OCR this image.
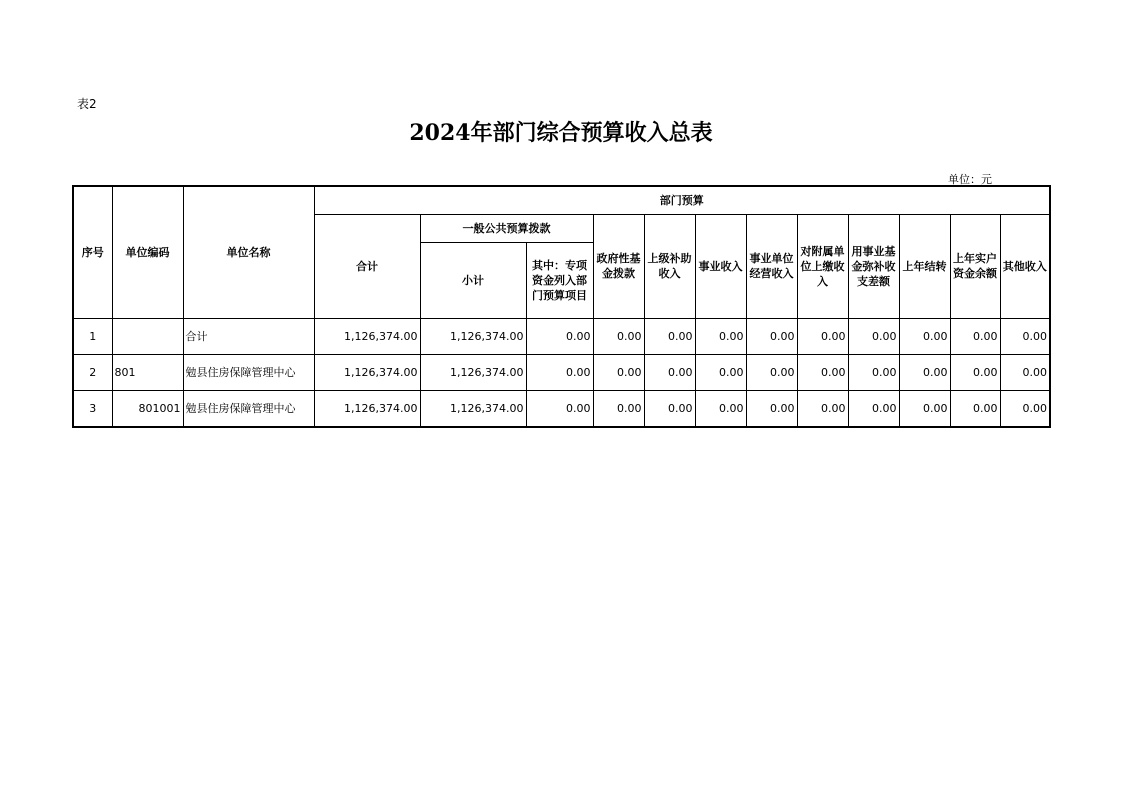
表2
2024年部门综合预算收入总表
单位：元
序号	单位编码	单位名称	部门预算											
			合计	一般公共预算拨款		政府性基金拨款	上级补助收入	事业收入	事业单位经营收入	对附属单位上缴收入	用事业基金弥补收支差额	上年结转	上年实户资金余额	其他收入
				小计	其中：专项资金列入部门预算项目									
1		合计	1,126,374.00	1,126,374.00	0.00	0.00	0.00	0.00	0.00	0.00	0.00	0.00	0.00	0.00
2	801	勉县住房保障管理中心	1,126,374.00	1,126,374.00	0.00	0.00	0.00	0.00	0.00	0.00	0.00	0.00	0.00	0.00
3	801001	勉县住房保障管理中心	1,126,374.00	1,126,374.00	0.00	0.00	0.00	0.00	0.00	0.00	0.00	0.00	0.00	0.00
